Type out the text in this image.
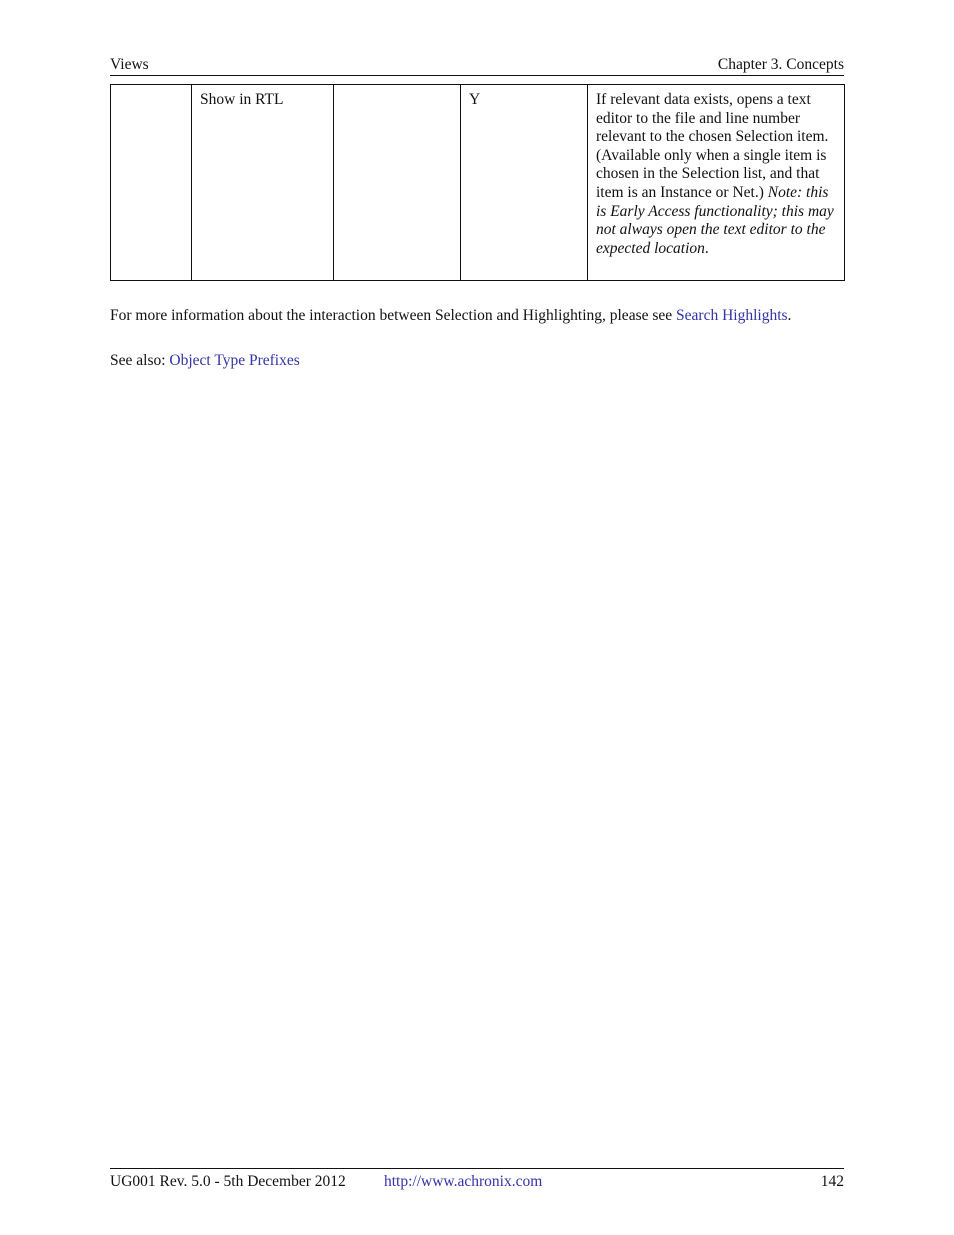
Views	Chapter 3. Concepts
	Show in RTL		Y	If relevant data exists, opens a text editor to the file and line number relevant to the chosen Selection item. (Available only when a single item is chosen in the Selection list, and that item is an Instance or Net.) Note: this is Early Access functionality; this may not always open the text editor to the expected location.

For more information about the interaction between Selection and Highlighting, please see Search Highlights.

See also: Object Type Prefixes

UG001 Rev. 5.0 - 5th December 2012 http://www.achronix.com	142
